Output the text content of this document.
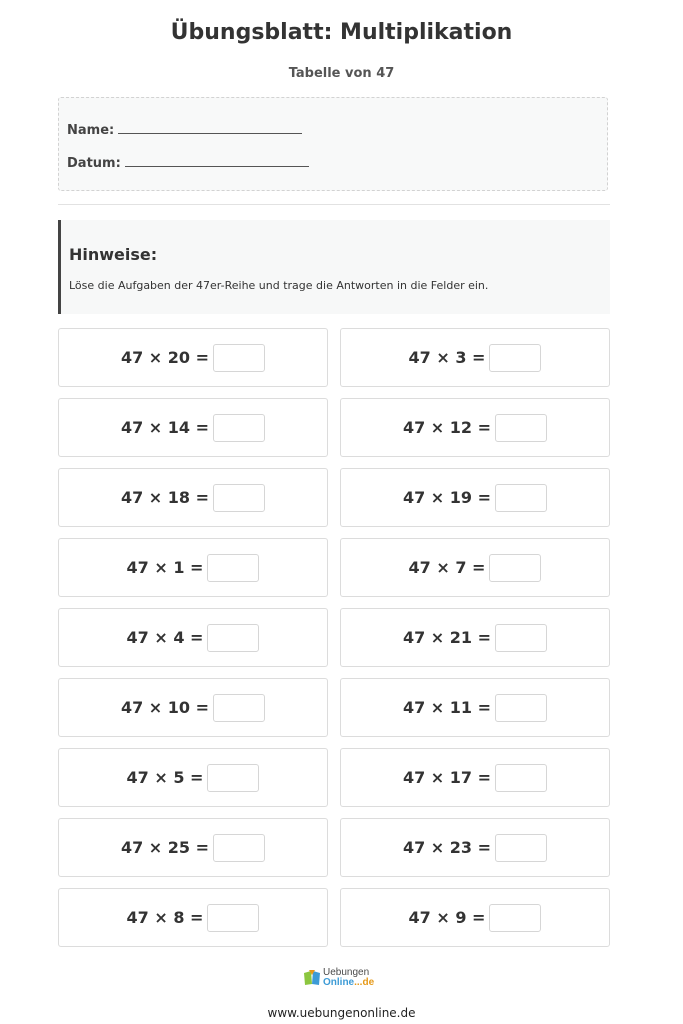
Übungsblatt: Multiplikation
Tabelle von 47
Name:
Datum:
Hinweise:
Löse die Aufgaben der 47er-Reihe und trage die Antworten in die Felder ein.
47 × 20 =	47 × 3 =
47 × 14 =	47 × 12 =
47 × 18 =	47 × 19 =
47 × 1 =	47 × 7 =
47 × 4 =	47 × 21 =
47 × 10 =	47 × 11 =
47 × 5 =	47 × 17 =
47 × 25 =	47 × 23 =
47 × 8 =	47 × 9 =
Uebungen
Online...de
www.uebungenonline.de
